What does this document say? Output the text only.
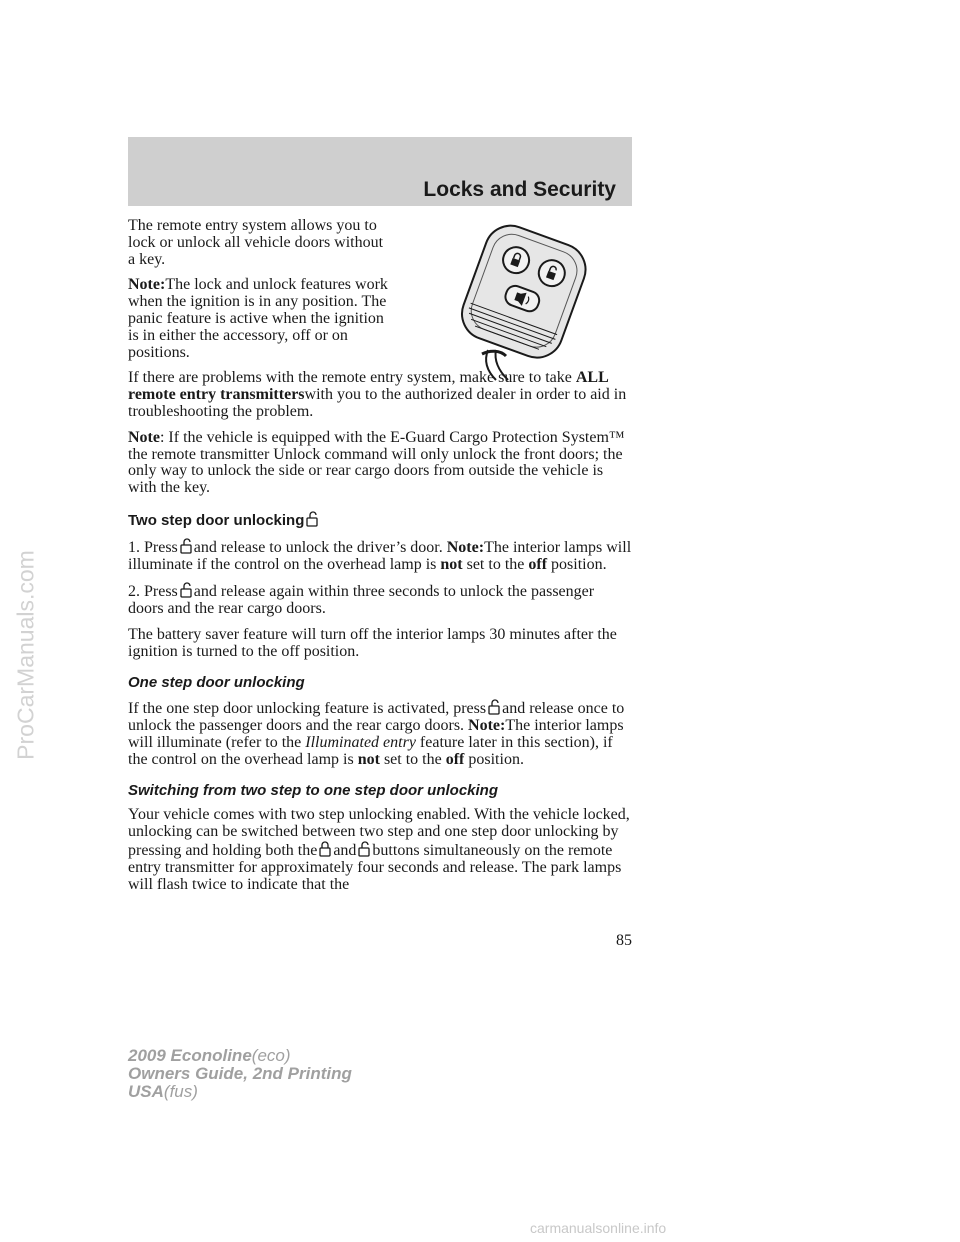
Locks and Security

The remote entry system allows you to lock or unlock all vehicle doors without a key.

Note:The lock and unlock features work when the ignition is in any position. The panic feature is active when the ignition is in either the accessory, off or on positions.

If there are problems with the remote entry system, make sure to take ALL remote entry transmitterswith you to the authorized dealer in order to aid in troubleshooting the problem.

Note: If the vehicle is equipped with the E-Guard Cargo Protection System™ the remote transmitter Unlock command will only unlock the front doors; the only way to unlock the side or rear cargo doors from outside the vehicle is with the key.

Two step door unlocking

1. Press and release to unlock the driver’s door. Note:The interior lamps will illuminate if the control on the overhead lamp is not set to the off position.

2. Press and release again within three seconds to unlock the passenger doors and the rear cargo doors.

The battery saver feature will turn off the interior lamps 30 minutes after the ignition is turned to the off position.

One step door unlocking

If the one step door unlocking feature is activated, press and release once to unlock the passenger doors and the rear cargo doors. Note:The interior lamps will illuminate (refer to the Illuminated entry feature later in this section), if the control on the overhead lamp is not set to the off position.

Switching from two step to one step door unlocking

Your vehicle comes with two step unlocking enabled. With the vehicle locked, unlocking can be switched between two step and one step door unlocking by pressing and holding both the and buttons simultaneously on the remote entry transmitter for approximately four seconds and release. The park lamps will flash twice to indicate that the

85
2009 Econoline(eco)
Owners Guide, 2nd Printing
USA(fus)
ProCarManuals.com
carmanualsonline.info
